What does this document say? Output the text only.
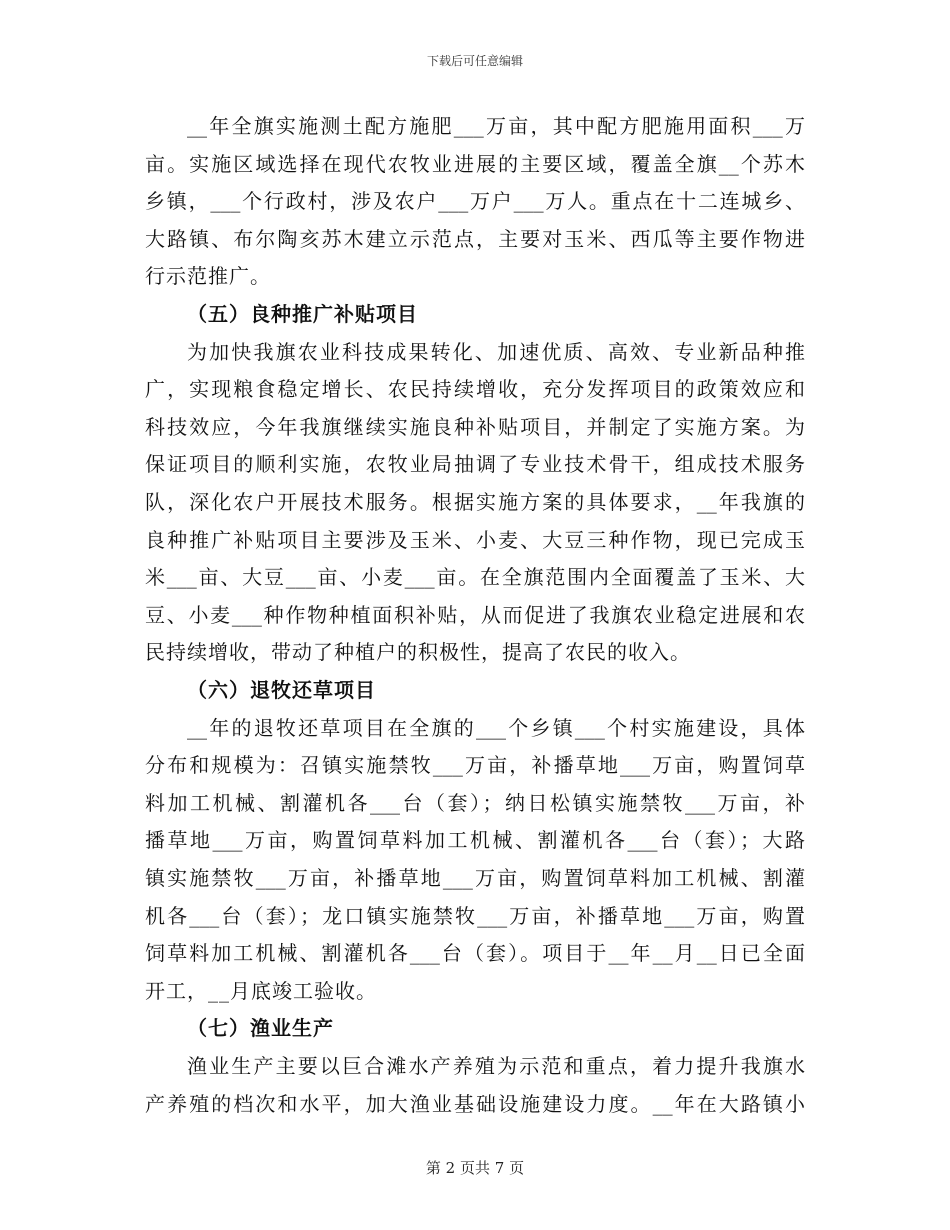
下载后可任意编辑
__年全旗实施测土配方施肥___万亩，其中配方肥施用面积___万
亩。实施区域选择在现代农牧业进展的主要区域，覆盖全旗__个苏木
乡镇，___个行政村，涉及农户___万户___万人。重点在十二连城乡、
大路镇、布尔陶亥苏木建立示范点，主要对玉米、西瓜等主要作物进
行示范推广。
（五）良种推广补贴项目
为加快我旗农业科技成果转化、加速优质、高效、专业新品种推
广，实现粮食稳定增长、农民持续增收，充分发挥项目的政策效应和
科技效应，今年我旗继续实施良种补贴项目，并制定了实施方案。为
保证项目的顺利实施，农牧业局抽调了专业技术骨干，组成技术服务
队，深化农户开展技术服务。根据实施方案的具体要求，__年我旗的
良种推广补贴项目主要涉及玉米、小麦、大豆三种作物，现已完成玉
米___亩、大豆___亩、小麦___亩。在全旗范围内全面覆盖了玉米、大
豆、小麦___种作物种植面积补贴，从而促进了我旗农业稳定进展和农
民持续增收，带动了种植户的积极性，提高了农民的收入。
（六）退牧还草项目
__年的退牧还草项目在全旗的___个乡镇___个村实施建设，具体
分布和规模为：召镇实施禁牧___万亩，补播草地___万亩，购置饲草
料加工机械、割灌机各___台（套）；纳日松镇实施禁牧___万亩，补
播草地___万亩，购置饲草料加工机械、割灌机各___台（套）；大路
镇实施禁牧___万亩，补播草地___万亩，购置饲草料加工机械、割灌
机各___台（套）；龙口镇实施禁牧___万亩，补播草地___万亩，购置
饲草料加工机械、割灌机各___台（套）。项目于__年__月__日已全面
开工，__月底竣工验收。
（七）渔业生产
渔业生产主要以巨合滩水产养殖为示范和重点，着力提升我旗水
产养殖的档次和水平，加大渔业基础设施建设力度。__年在大路镇小
第 2 页共 7 页
